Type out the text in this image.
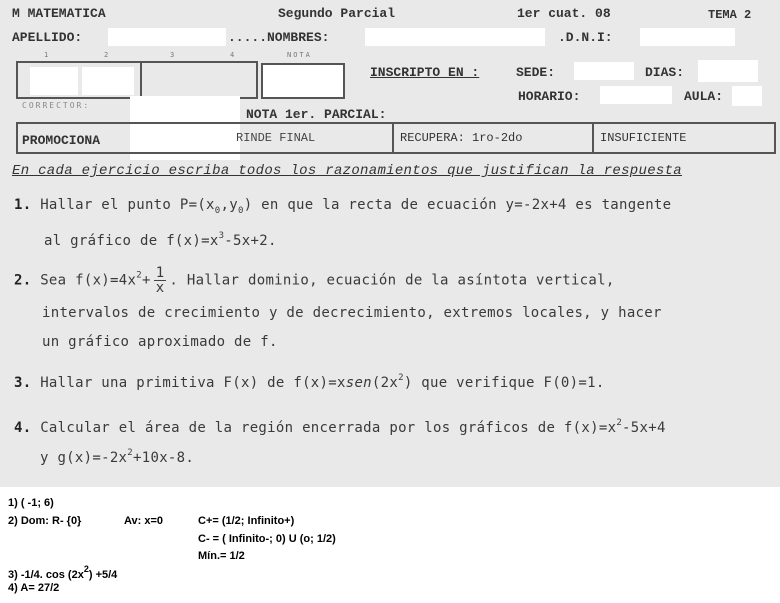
M MATEMATICA	Segundo Parcial	1er cuat. 08	TEMA 2
APELLIDO:	.....NOMBRES:	.D.N.I:
1	2	3	4	NOTA
INSCRIPTO EN :	SEDE:	DIAS:
HORARIO:	AULA:
CORRECTOR:
NOTA 1er. PARCIAL:
PROMOCIONA	RINDE FINAL	RECUPERA: 1ro-2do	INSUFICIENTE
En cada ejercicio escriba todos los razonamientos que justifican la respuesta
1. Hallar el punto $P=(x_0,y_0)$ en que la recta de ecuación y=-2x+4 es tangente
al gráfico de $f(x)=x^3-5x+2$.
2. Sea $f(x)=4x^2+ \frac{1}{x}$ . Hallar dominio, ecuación de la asíntota vertical,
intervalos de crecimiento y de decrecimiento, extremos locales, y hacer
un gráfico aproximado de f.
3. Hallar una primitiva F(x) de $f(x)=xsen(2x^2)$ que verifique F(0)=1.
4. Calcular el área de la región encerrada por los gráficos de $f(x)=x^2-5x+4$
y $g(x)=-2x^2+10x-8$.
1) ( -1; 6)
2) Dom: R- {0}	Av: x=0	C+= (1/2; Infinito+)
C- = ( Infinito-; 0) U (o; 1/2)
Mín.= 1/2
3) -1/4. $\cos (2x^2) +5/4$
4) A= 27/2
